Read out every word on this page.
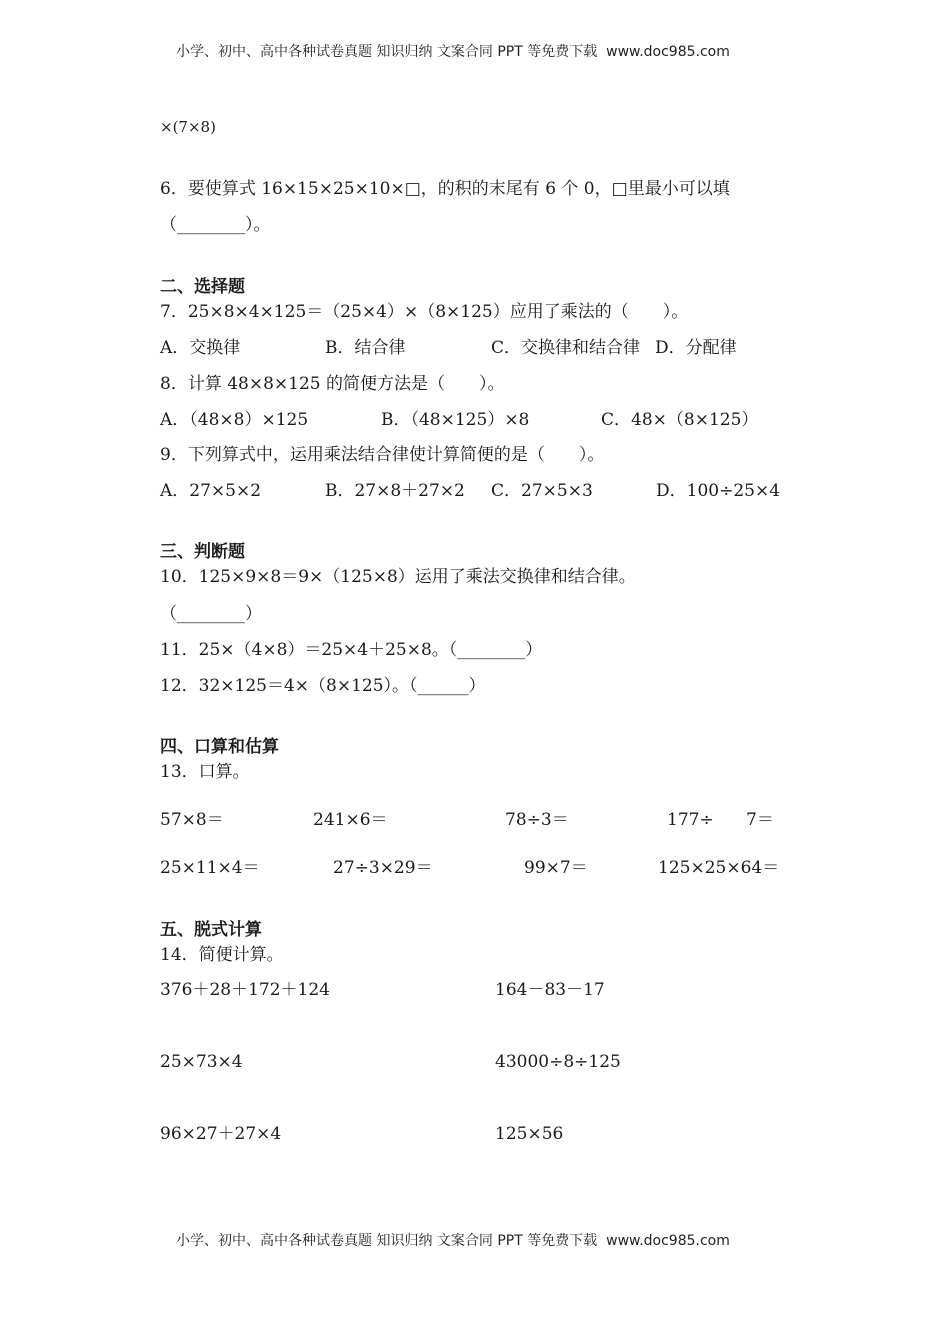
小学、初中、高中各种试卷真题 知识归纳 文案合同 PPT 等免费下载  www.doc985.com
×(7×8)
6．要使算式 16×15×25×10×□，的积的末尾有 6 个 0，□里最小可以填
（________）。
二、选择题
7．25×8×4×125＝（25×4）×（8×125）应用了乘法的（　　）。
A．交换律	B．结合律	C．交换律和结合律 D．分配律
8．计算 48×8×125 的简便方法是（　　）。
A．（48×8）×125	B．（48×125）×8	C．48×（8×125）
9．下列算式中，运用乘法结合律使计算简便的是（　　）。
A．27×5×2	B．27×8＋27×2 C．27×5×3	D．100÷25×4
三、判断题
10．125×9×8＝9×（125×8）运用了乘法交换律和结合律。
（________）
11．25×（4×8）＝25×4＋25×8。（________）
12．32×125＝4×（8×125）。（______）
四、口算和估算
13．口算。
57×8＝	241×6＝	78÷3＝	177÷ 7＝
25×11×4＝	27÷3×29＝	99×7＝	125×25×64＝
五、脱式计算
14．简便计算。
376＋28＋172＋124	164－83－17
25×73×4	43000÷8÷125
96×27＋27×4	125×56
小学、初中、高中各种试卷真题 知识归纳 文案合同 PPT 等免费下载  www.doc985.com
